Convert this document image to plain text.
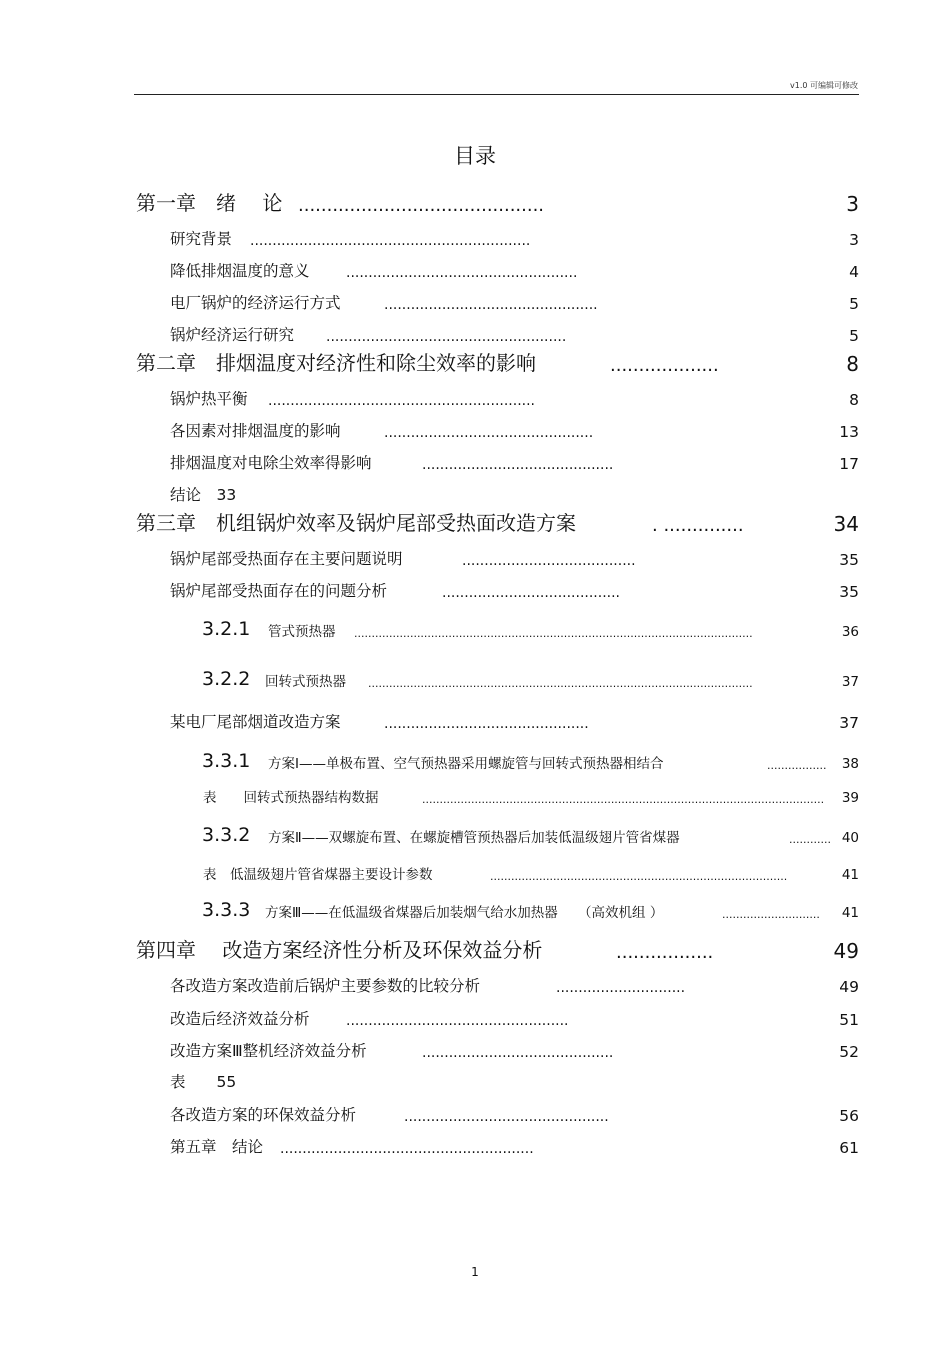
v1.0 可编辑可修改
目录
第一章　绪　 论 ...........................................	3
研究背景 ...............................................................	3
降低排烟温度的意义	....................................................	4
电厂锅炉的经济运行方式	................................................	5
锅炉经济运行研究 ......................................................	5
第二章　排烟温度对经济性和除尘效率的影响	...................	8
锅炉热平衡 ............................................................	8
各因素对排烟温度的影响	...............................................	13
排烟温度对电除尘效率得影响	...........................................	17
结论　33
第三章　机组锅炉效率及锅炉尾部受热面改造方案	. ..............	34
锅炉尾部受热面存在主要问题说明	.......................................	35
锅炉尾部受热面存在的问题分析	........................................	35
3.2.1 管式预热器 ..................................................................................................................	36
3.2.2 回转式预热器 ..............................................................................................................	37
某电厂尾部烟道改造方案	..............................................	37
3.3.1 方案Ⅰ——单极布置、空气预热器采用螺旋管与回转式预热器相结合	................. 38
表　　回转式预热器结构数据	................................................................................................................... 39
3.3.2 方案Ⅱ——双螺旋布置、在螺旋槽管预热器后加装低温级翅片管省煤器	............ 40
表　低温级翅片管省煤器主要设计参数	.....................................................................................	41
3.3.3 方案Ⅲ——在低温级省煤器后加装烟气给水加热器　　（高效机组 ）	............................ 41
第四章　 改造方案经济性分析及环保效益分析	.................	49
各改造方案改造前后锅炉主要参数的比较分析	.............................	49
改造后经济效益分析	..................................................	51
改造方案Ⅲ整机经济效益分析	...........................................	52
表　　55
各改造方案的环保效益分析	..............................................	56
第五章　结论 .........................................................	61
1
